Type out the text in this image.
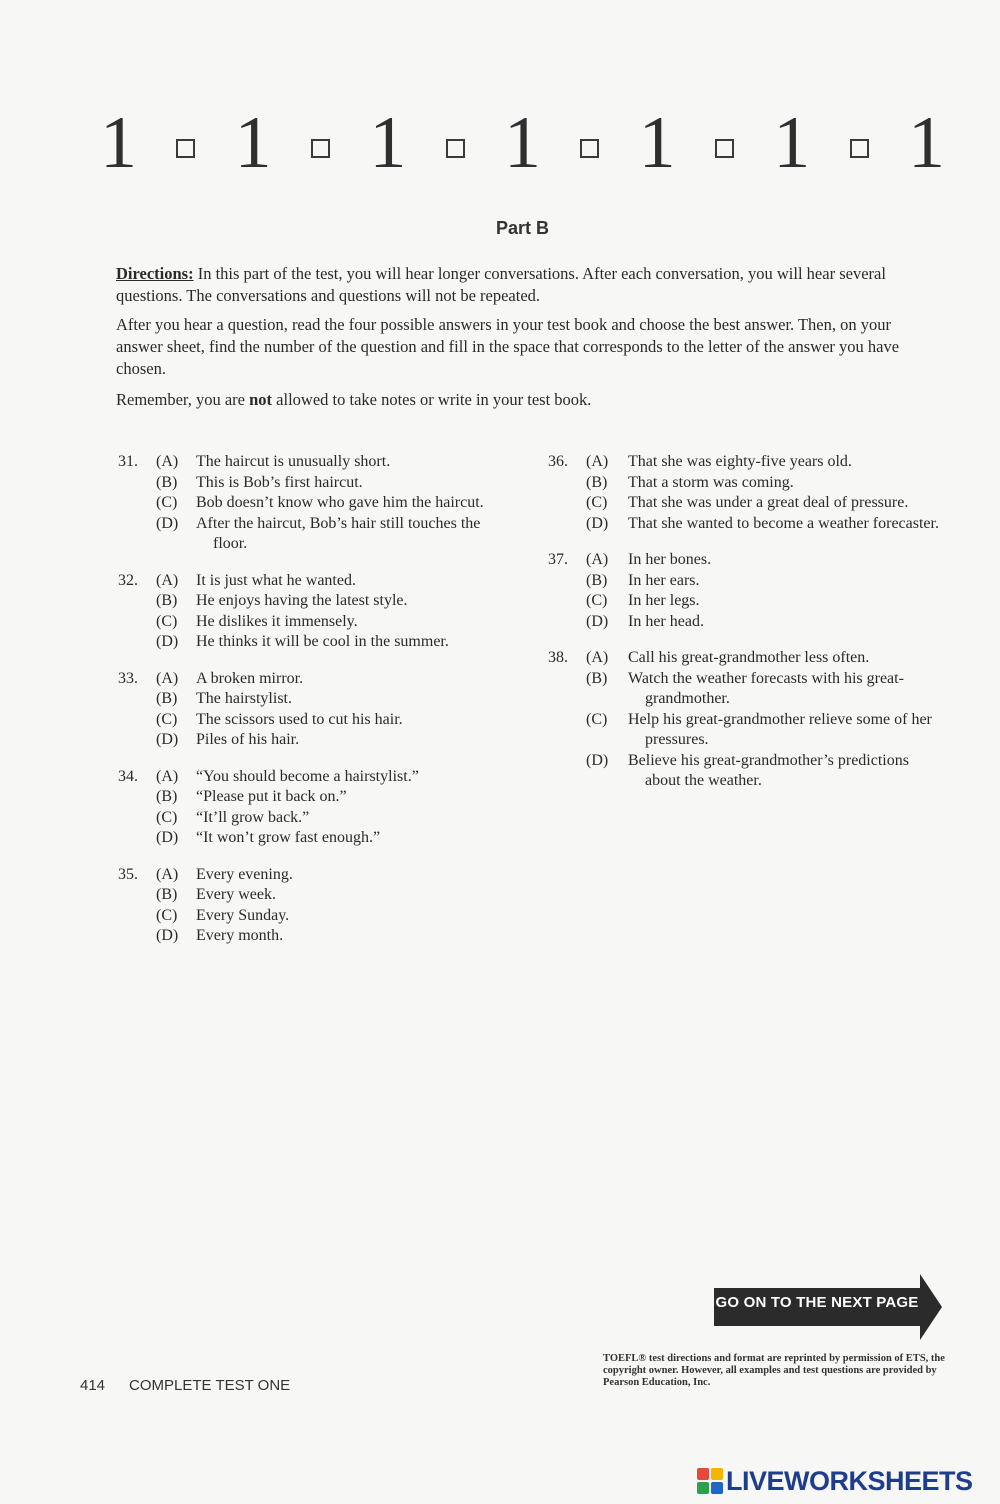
1 1 1 1 1 1 1
Part B
Directions: In this part of the test, you will hear longer conversations. After each conversation, you will hear several questions. The conversations and questions will not be repeated.
After you hear a question, read the four possible answers in your test book and choose the best answer. Then, on your answer sheet, find the number of the question and fill in the space that corresponds to the letter of the answer you have chosen.
Remember, you are not allowed to take notes or write in your test book.
31. (A)	The haircut is unusually short.
(B)	This is Bob’s first haircut.
(C)	Bob doesn’t know who gave him the haircut.
(D)	After the haircut, Bob’s hair still touches the floor.
32. (A)	It is just what he wanted.
(B)	He enjoys having the latest style.
(C)	He dislikes it immensely.
(D)	He thinks it will be cool in the summer.
33. (A)	A broken mirror.
(B)	The hairstylist.
(C)	The scissors used to cut his hair.
(D)	Piles of his hair.
34. (A)	“You should become a hairstylist.”
(B)	“Please put it back on.”
(C)	“It’ll grow back.”
(D)	“It won’t grow fast enough.”
35. (A)	Every evening.
(B)	Every week.
(C)	Every Sunday.
(D)	Every month.
36. (A)	That she was eighty-five years old.
(B)	That a storm was coming.
(C)	That she was under a great deal of pressure.
(D)	That she wanted to become a weather forecaster.
37. (A)	In her bones.
(B)	In her ears.
(C)	In her legs.
(D)	In her head.
38. (A)	Call his great-grandmother less often.
(B)	Watch the weather forecasts with his great-grandmother.
(C)	Help his great-grandmother relieve some of her pressures.
(D)	Believe his great-grandmother’s predictions about the weather.
GO ON TO THE NEXT PAGE
TOEFL® test directions and format are reprinted by permission of ETS, the copyright owner. However, all examples and test questions are provided by Pearson Education, Inc.
414 COMPLETE TEST ONE
LIVEWORKSHEETS
